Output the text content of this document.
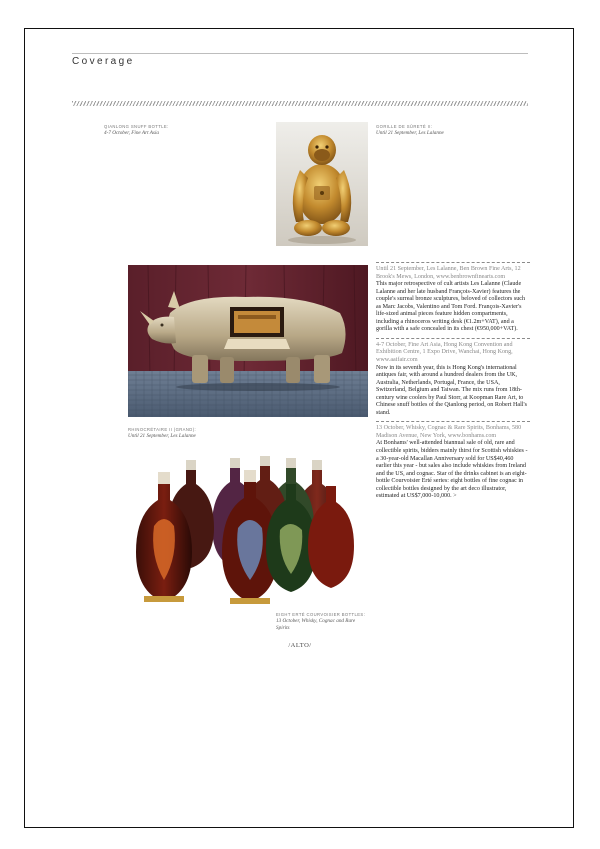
Coverage
QIANLONG SNUFF BOTTLE:
4-7 October, Fine Art Asia
GORILLE DE SÛRETÉ II:
Until 21 September, Les Lalanne
RHINOCRÉTAIRE II (GRAND):
Until 21 September, Les Lalanne
EIGHT ERTÉ COURVOISIER BOTTLES:
13 October, Whisky, Cognac and Rare Spirits
Until 21 September, Les Lalanne, Ben Brown Fine Arts, 12 Brook's Mews, London, www.benbrownfinearts.com
This major retrospective of cult artists Les Lalanne (Claude Lalanne and her late husband François-Xavier) features the couple's surreal bronze sculptures, beloved of collectors such as Marc Jacobs, Valentino and Tom Ford. François-Xavier's life-sized animal pieces feature hidden compartments, including a rhinoceros writing desk (€1.2m+VAT), and a gorilla with a safe concealed in its chest (€950,000+VAT).
4-7 October, Fine Art Asia, Hong Kong Convention and Exhibition Centre, 1 Expo Drive, Wanchai, Hong Kong, www.aaifair.com
Now in its seventh year, this is Hong Kong's international antiques fair, with around a hundred dealers from the UK, Australia, Netherlands, Portugal, France, the USA, Switzerland, Belgium and Taiwan. The mix runs from 18th-century wine coolers by Paul Storr, at Koopman Rare Art, to Chinese snuff bottles of the Qianlong period, on Robert Hall's stand.
13 October, Whisky, Cognac & Rare Spirits, Bonhams, 580 Madison Avenue, New York, www.bonhams.com
At Bonhams' well-attended biannual sale of old, rare and collectible spirits, bidders mainly thirst for Scottish whiskies - a 30-year-old Macallan Anniversary sold for US$40,460 earlier this year - but sales also include whiskies from Ireland and the US, and cognac. Star of the drinks cabinet is an eight-bottle Courvoisier Erté series: eight bottles of fine cognac in collectible bottles designed by the art deco illustrator, estimated at US$7,000-10,000. >
/ALTO/
